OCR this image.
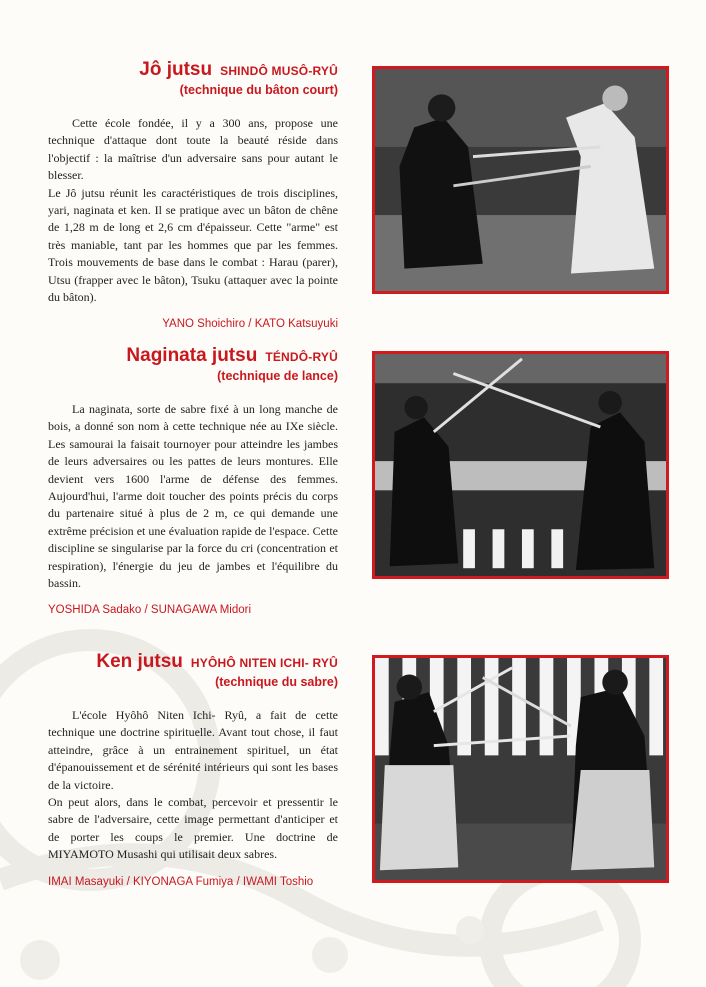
Jô jutsu SHINDÔ MUSÔ-RYÛ
(technique du bâton court)

Cette école fondée, il y a 300 ans, propose une technique d'attaque dont toute la beauté réside dans l'objectif : la maîtrise d'un adversaire sans pour autant le blesser.

Le Jô jutsu réunit les caractéristiques de trois disciplines, yari, naginata et ken. Il se pratique avec un bâton de chêne de 1,28 m de long et 2,6 cm d'épaisseur. Cette "arme" est très maniable, tant par les hommes que par les femmes. Trois mouvements de base dans le combat : Harau (parer), Utsu (frapper avec le bâton), Tsuku (attaquer avec la pointe du bâton).

YANO Shoichiro / KATO Katsuyuki
Naginata jutsu TÉNDÔ-RYÛ
(technique de lance)

La naginata, sorte de sabre fixé à un long manche de bois, a donné son nom à cette technique née au IXe siècle. Les samourai la faisait tournoyer pour atteindre les jambes de leurs adversaires ou les pattes de leurs montures. Elle devient vers 1600 l'arme de défense des femmes. Aujourd'hui, l'arme doit toucher des points précis du corps du partenaire situé à plus de 2 m, ce qui demande une extrême précision et une évaluation rapide de l'espace. Cette discipline se singularise par la force du cri (concentration et respiration), l'énergie du jeu de jambes et l'équilibre du bassin.

YOSHIDA Sadako / SUNAGAWA Midori
Ken jutsu HYÔHÔ NITEN ICHI- RYÛ
(technique du sabre)

L'école Hyôhô Niten Ichi- Ryû, a fait de cette technique une doctrine spirituelle. Avant tout chose, il faut atteindre, grâce à un entrainement spirituel, un état d'épanouissement et de sérénité intérieurs qui sont les bases de la victoire.

On peut alors, dans le combat, percevoir et pressentir le sabre de l'adversaire, cette image permettant d'anticiper et de porter les coups le premier. Une doctrine de MIYAMOTO Musashi qui utilisait deux sabres.

IMAI Masayuki / KIYONAGA Fumiya / IWAMI Toshio
